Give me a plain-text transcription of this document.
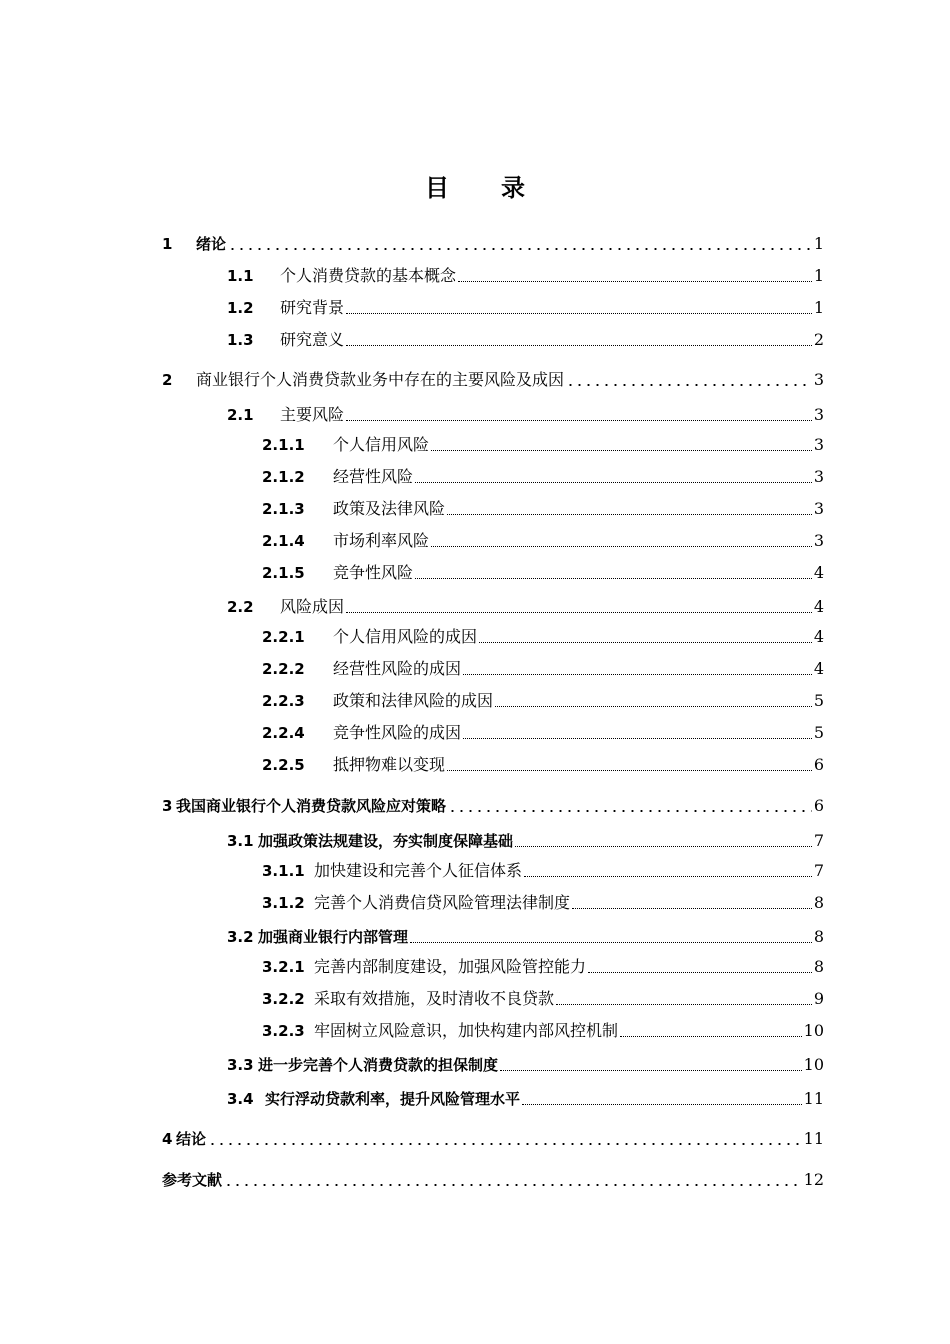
目 录
1	绪论	1
1.1	个人消费贷款的基本概念	1
1.2	研究背景	1
1.3	研究意义	2
2	商业银行个人消费贷款业务中存在的主要风险及成因	3
2.1	主要风险	3
2.1.1	个人信用风险	3
2.1.2	经营性风险	3
2.1.3	政策及法律风险	3
2.1.4	市场利率风险	3
2.1.5	竞争性风险	4
2.2	风险成因	4
2.2.1	个人信用风险的成因	4
2.2.2	经营性风险的成因	4
2.2.3	政策和法律风险的成因	5
2.2.4	竞争性风险的成因	5
2.2.5	抵押物难以变现	6
3 我国商业银行个人消费贷款风险应对策略	6
3.1 加强政策法规建设，夯实制度保障基础	7
3.1.1 加快建设和完善个人征信体系	7
3.1.2 完善个人消费信贷风险管理法律制度	8
3.2 加强商业银行内部管理	8
3.2.1 完善内部制度建设，加强风险管控能力	8
3.2.2 采取有效措施，及时清收不良贷款	9
3.2.3 牢固树立风险意识，加快构建内部风控机制	10
3.3 进一步完善个人消费贷款的担保制度	10
3.4 实行浮动贷款利率，提升风险管理水平	11
4 结论	11
参考文献	12
